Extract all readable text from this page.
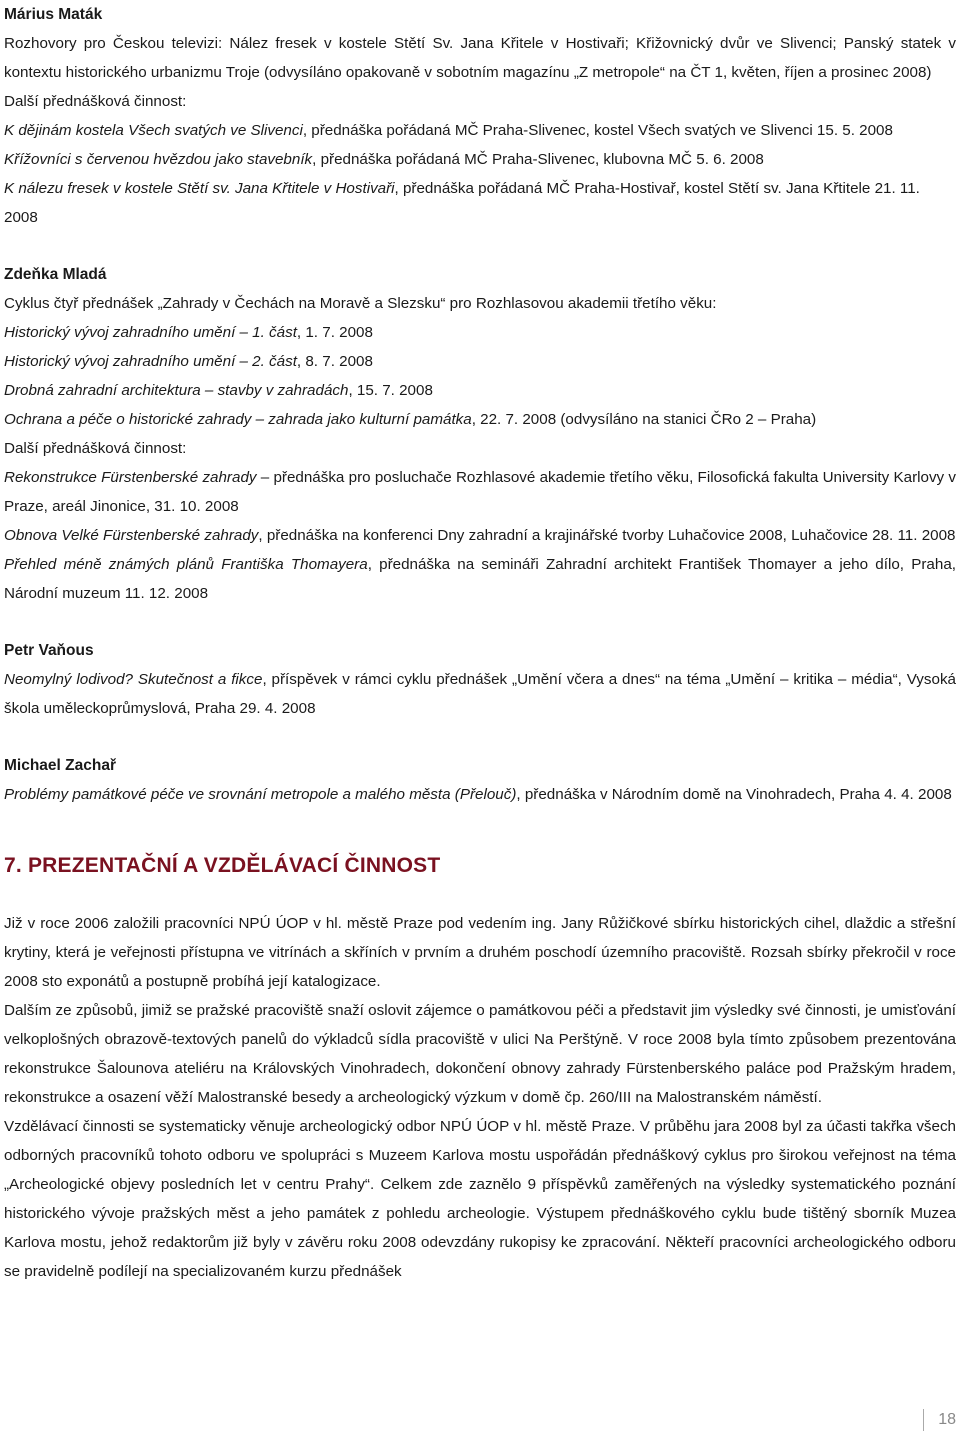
Márius Maták

Rozhovory pro Českou televizi: Nález fresek v kostele Stětí Sv. Jana Křitele v Hostivaři; Křižovnický dvůr ve Slivenci; Panský statek v kontextu historického urbanizmu Troje (odvysíláno opakovaně v sobotním magazínu „Z metropole“ na ČT 1, květen, říjen a prosinec 2008)

Další přednášková činnost:

K dějinám kostela Všech svatých ve Slivenci, přednáška pořádaná MČ Praha-Slivenec, kostel Všech svatých ve Slivenci 15. 5. 2008

Křížovníci s červenou hvězdou jako stavebník, přednáška pořádaná MČ Praha-Slivenec, klubovna MČ 5. 6. 2008

K nálezu fresek v kostele Stětí sv. Jana Křtitele v Hostivaři, přednáška pořádaná MČ Praha-Hostivař, kostel Stětí sv. Jana Křtitele 21. 11. 2008

Zdeňka Mladá

Cyklus čtyř přednášek „Zahrady v Čechách na Moravě a Slezsku“ pro Rozhlasovou akademii třetího věku:

Historický vývoj zahradního umění – 1. část, 1. 7. 2008

Historický vývoj zahradního umění – 2. část, 8. 7. 2008

Drobná zahradní architektura – stavby v zahradách, 15. 7. 2008

Ochrana a péče o historické zahrady – zahrada jako kulturní památka, 22. 7. 2008 (odvysíláno na stanici ČRo 2 – Praha)

Další přednášková činnost:

Rekonstrukce Fürstenberské zahrady – přednáška pro posluchače Rozhlasové akademie třetího věku, Filosofická fakulta University Karlovy v Praze, areál Jinonice, 31. 10. 2008

Obnova Velké Fürstenberské zahrady, přednáška na konferenci Dny zahradní a krajinářské tvorby Luhačovice 2008, Luhačovice 28. 11. 2008

Přehled méně známých plánů Františka Thomayera, přednáška na semináři Zahradní architekt František Thomayer a jeho dílo, Praha, Národní muzeum 11. 12. 2008

Petr Vaňous

Neomylný lodivod? Skutečnost a fikce, příspěvek v rámci cyklu přednášek „Umění včera a dnes“ na téma „Umění – kritika – média“, Vysoká škola uměleckoprůmyslová, Praha 29. 4. 2008

Michael Zachař

Problémy památkové péče ve srovnání metropole a malého města (Přelouč), přednáška v Národním domě na Vinohradech, Praha 4. 4. 2008

7. PREZENTAČNÍ A VZDĚLÁVACÍ ČINNOST

Již v roce 2006 založili pracovníci NPÚ ÚOP v hl. městě Praze pod vedením ing. Jany Růžičkové sbírku historických cihel, dlaždic a střešní krytiny, která je veřejnosti přístupna ve vitrínách a skříních v prvním a druhém poschodí územního pracoviště. Rozsah sbírky překročil v roce 2008 sto exponátů a postupně probíhá její katalogizace.

Dalším ze způsobů, jimiž se pražské pracoviště snaží oslovit zájemce o památkovou péči a představit jim výsledky své činnosti, je umisťování velkoplošných obrazově-textových panelů do výkladců sídla pracoviště v ulici Na Perštýně. V roce 2008 byla tímto způsobem prezentována rekonstrukce Šalounova ateliéru na Královských Vinohradech, dokončení obnovy zahrady Fürstenberského paláce pod Pražským hradem, rekonstrukce a osazení věží Malostranské besedy a archeologický výzkum v domě čp. 260/III na Malostranském náměstí.

Vzdělávací činnosti se systematicky věnuje archeologický odbor NPÚ ÚOP v hl. městě Praze. V průběhu jara 2008 byl za účasti takřka všech odborných pracovníků tohoto odboru ve spolupráci s Muzeem Karlova mostu uspořádán přednáškový cyklus pro širokou veřejnost na téma „Archeologické objevy posledních let v centru Prahy“. Celkem zde zaznělo 9 příspěvků zaměřených na výsledky systematického poznání historického vývoje pražských měst a jeho památek z pohledu archeologie. Výstupem přednáškového cyklu bude tištěný sborník Muzea Karlova mostu, jehož redaktorům již byly v závěru roku 2008 odevzdány rukopisy ke zpracování. Někteří pracovníci archeologického odboru se pravidelně podílejí na specializovaném kurzu přednášek

18
